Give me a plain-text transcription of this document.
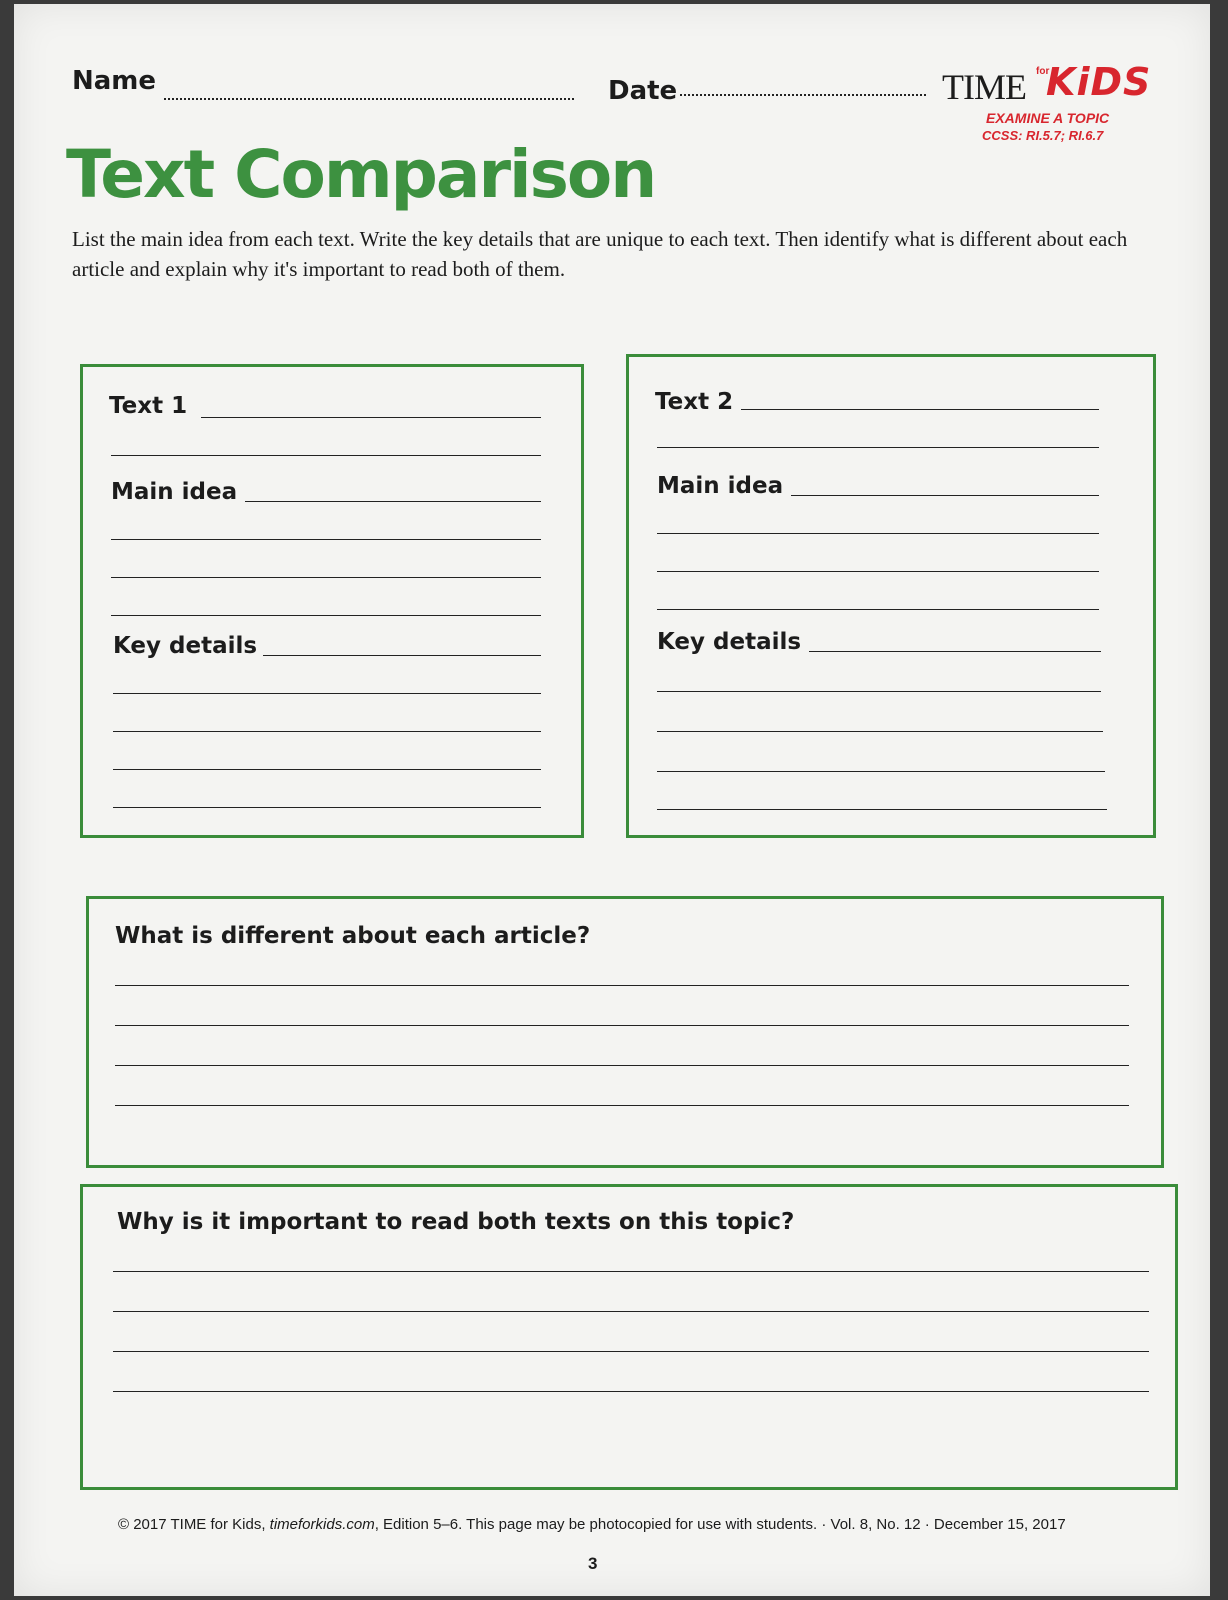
Name	Date	TIME for
KiDS
EXAMINE A TOPIC
CCSS: RI.5.7; RI.6.7
Text Comparison
List the main idea from each text. Write the key details that are unique to each text. Then identify what is different about each article and explain why it's important to read both of them.
Text 1
Main idea
Key details
Text 2
Main idea
Key details
What is different about each article?
Why is it important to read both texts on this topic?
© 2017 TIME for Kids, timeforkids.com, Edition 5–6. This page may be photocopied for use with students. · Vol. 8, No. 12 · December 15, 2017
3
